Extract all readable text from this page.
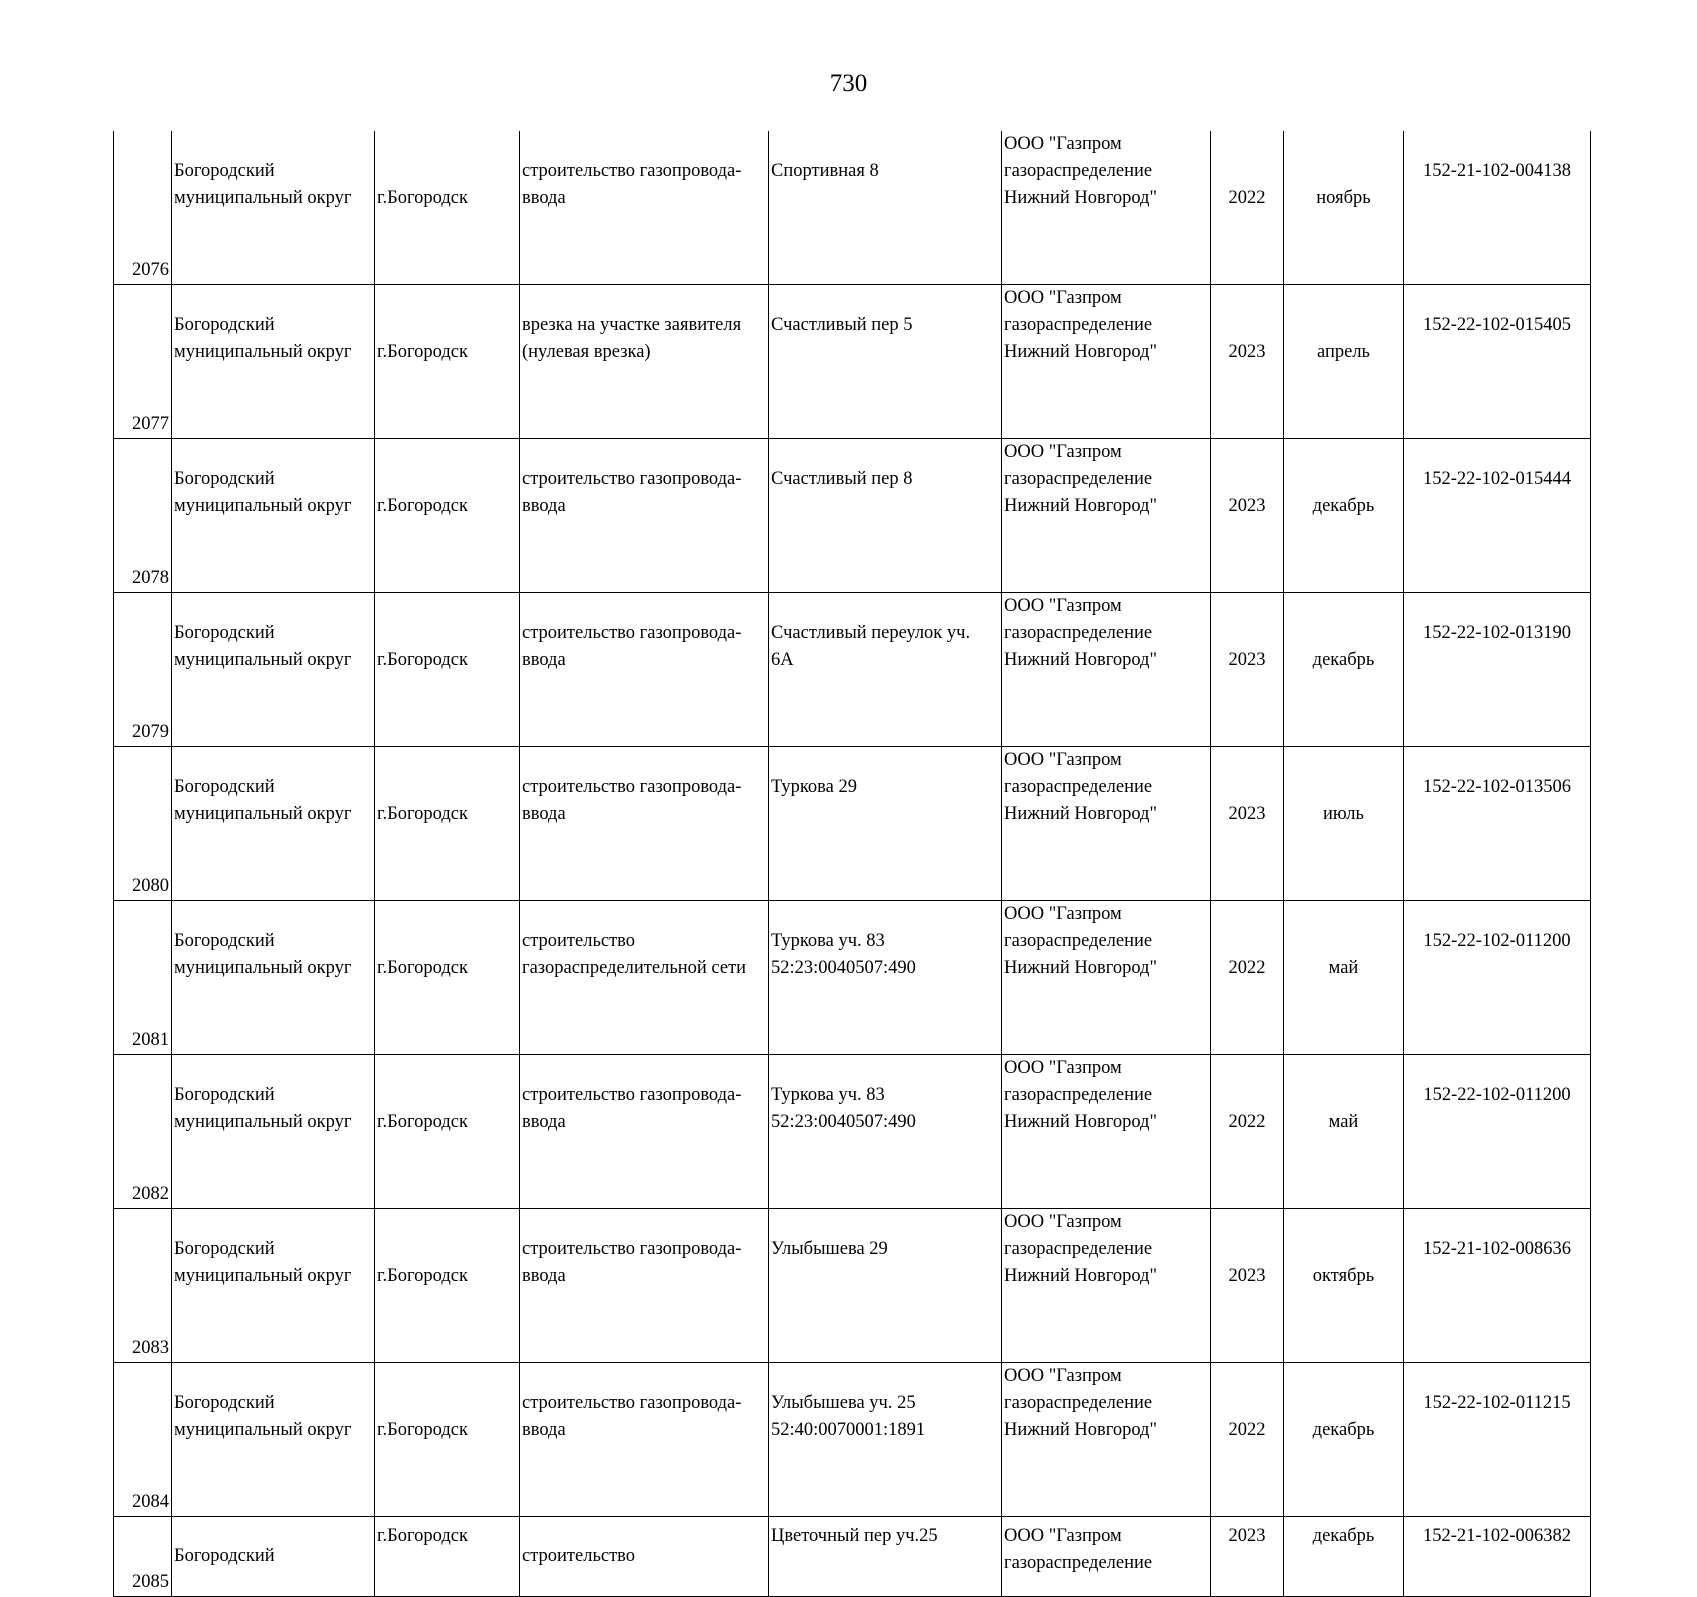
730
2076	Богородский
муниципальный округ	г.Богородск	строительство газопровода-
ввода	Спортивная 8	ООО "Газпром
газораспределение
Нижний Новгород"	2022	ноябрь	152-21-102-004138

2077	Богородский
муниципальный округ	г.Богородск	врезка на участке заявителя
(нулевая врезка)	Счастливый пер 5	ООО "Газпром
газораспределение
Нижний Новгород"	2023	апрель	152-22-102-015405

2078	Богородский
муниципальный округ	г.Богородск	строительство газопровода-
ввода	Счастливый пер 8	ООО "Газпром
газораспределение
Нижний Новгород"	2023	декабрь	152-22-102-015444

2079	Богородский
муниципальный округ	г.Богородск	строительство газопровода-
ввода	Счастливый переулок уч.
6А	ООО "Газпром
газораспределение
Нижний Новгород"	2023	декабрь	152-22-102-013190

2080	Богородский
муниципальный округ	г.Богородск	строительство газопровода-
ввода	Туркова 29	ООО "Газпром
газораспределение
Нижний Новгород"	2023	июль	152-22-102-013506

2081	Богородский
муниципальный округ	г.Богородск	строительство
газораспределительной сети	Туркова уч. 83
52:23:0040507:490	ООО "Газпром
газораспределение
Нижний Новгород"	2022	май	152-22-102-011200

2082	Богородский
муниципальный округ	г.Богородск	строительство газопровода-
ввода	Туркова уч. 83
52:23:0040507:490	ООО "Газпром
газораспределение
Нижний Новгород"	2022	май	152-22-102-011200

2083	Богородский
муниципальный округ	г.Богородск	строительство газопровода-
ввода	Улыбышева 29	ООО "Газпром
газораспределение
Нижний Новгород"	2023	октябрь	152-21-102-008636

2084	Богородский
муниципальный округ	г.Богородск	строительство газопровода-
ввода	Улыбышева уч. 25
52:40:0070001:1891	ООО "Газпром
газораспределение
Нижний Новгород"	2022	декабрь	152-22-102-011215

2085	Богородский	г.Богородск	строительство	Цветочный пер уч.25	ООО "Газпром
газораспределение	2023	декабрь	152-21-102-006382
